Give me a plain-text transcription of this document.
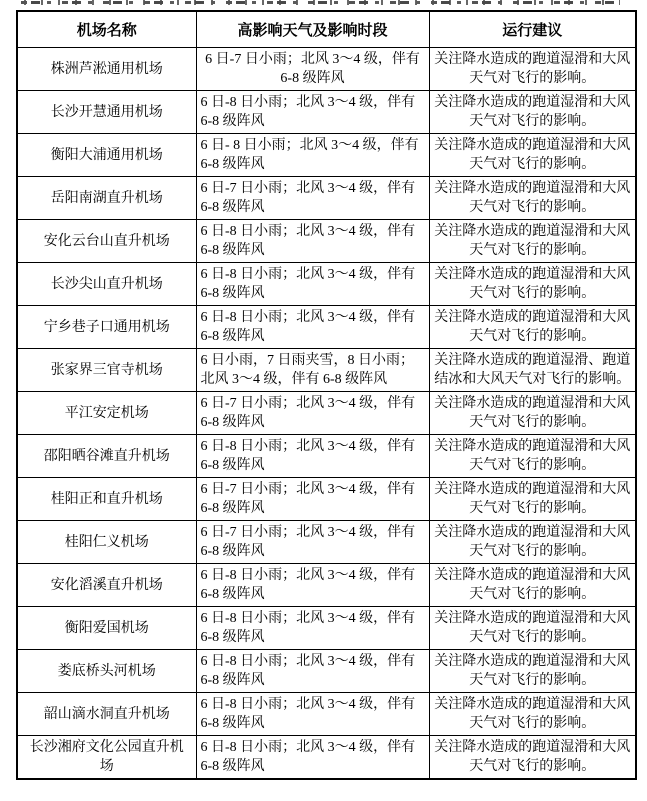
机场名称	高影响天气及影响时段	运行建议
株洲芦淞通用机场	6 日-7 日小雨；北风 3～4 级，伴有 6-8 级阵风	关注降水造成的跑道湿滑和大风天气对飞行的影响。
长沙开慧通用机场	6 日-8 日小雨；北风 3～4 级，伴有 6-8 级阵风	关注降水造成的跑道湿滑和大风天气对飞行的影响。
衡阳大浦通用机场	6 日- 8 日小雨；北风 3～4 级，伴有 6-8 级阵风	关注降水造成的跑道湿滑和大风天气对飞行的影响。
岳阳南湖直升机场	6 日-7 日小雨；北风 3～4 级，伴有 6-8 级阵风	关注降水造成的跑道湿滑和大风天气对飞行的影响。
安化云台山直升机场	6 日-8 日小雨；北风 3～4 级，伴有 6-8 级阵风	关注降水造成的跑道湿滑和大风天气对飞行的影响。
长沙尖山直升机场	6 日-8 日小雨；北风 3～4 级，伴有 6-8 级阵风	关注降水造成的跑道湿滑和大风天气对飞行的影响。
宁乡巷子口通用机场	6 日-8 日小雨；北风 3～4 级，伴有 6-8 级阵风	关注降水造成的跑道湿滑和大风天气对飞行的影响。
张家界三官寺机场	6 日小雨，7 日雨夹雪，8 日小雨；北风 3～4 级，伴有 6-8 级阵风	关注降水造成的跑道湿滑、跑道结冰和大风天气对飞行的影响。
平江安定机场	6 日-7 日小雨；北风 3～4 级，伴有 6-8 级阵风	关注降水造成的跑道湿滑和大风天气对飞行的影响。
邵阳晒谷滩直升机场	6 日-8 日小雨；北风 3～4 级，伴有 6-8 级阵风	关注降水造成的跑道湿滑和大风天气对飞行的影响。
桂阳正和直升机场	6 日-7 日小雨；北风 3～4 级，伴有 6-8 级阵风	关注降水造成的跑道湿滑和大风天气对飞行的影响。
桂阳仁义机场	6 日-7 日小雨；北风 3～4 级，伴有 6-8 级阵风	关注降水造成的跑道湿滑和大风天气对飞行的影响。
安化滔溪直升机场	6 日-8 日小雨；北风 3～4 级，伴有 6-8 级阵风	关注降水造成的跑道湿滑和大风天气对飞行的影响。
衡阳爱国机场	6 日-8 日小雨；北风 3～4 级，伴有 6-8 级阵风	关注降水造成的跑道湿滑和大风天气对飞行的影响。
娄底桥头河机场	6 日-8 日小雨；北风 3～4 级，伴有 6-8 级阵风	关注降水造成的跑道湿滑和大风天气对飞行的影响。
韶山滴水洞直升机场	6 日-8 日小雨；北风 3～4 级，伴有 6-8 级阵风	关注降水造成的跑道湿滑和大风天气对飞行的影响。
长沙湘府文化公园直升机场	6 日-8 日小雨；北风 3～4 级，伴有 6-8 级阵风	关注降水造成的跑道湿滑和大风天气对飞行的影响。
